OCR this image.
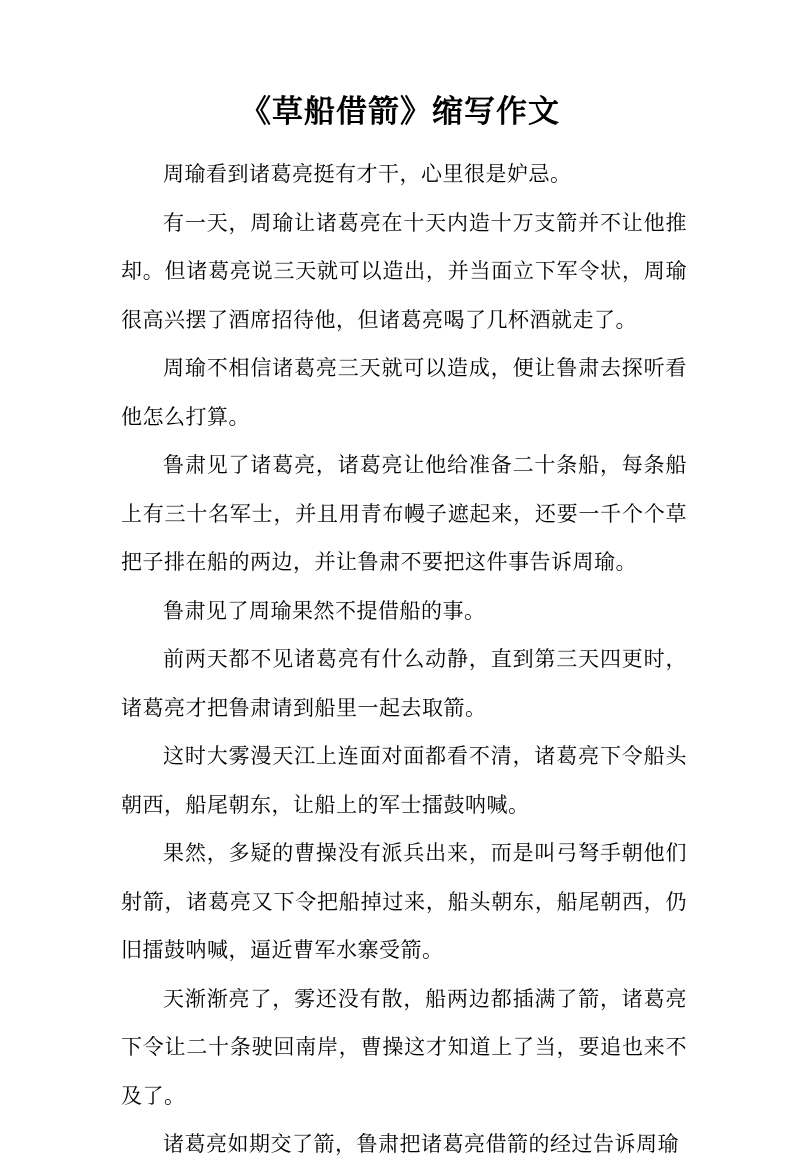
《草船借箭》缩写作文

周瑜看到诸葛亮挺有才干，心里很是妒忌。

有一天，周瑜让诸葛亮在十天内造十万支箭并不让他推却。但诸葛亮说三天就可以造出，并当面立下军令状，周瑜很高兴摆了酒席招待他，但诸葛亮喝了几杯酒就走了。

周瑜不相信诸葛亮三天就可以造成，便让鲁肃去探听看他怎么打算。

鲁肃见了诸葛亮，诸葛亮让他给准备二十条船，每条船上有三十名军士，并且用青布幔子遮起来，还要一千个个草把子排在船的两边，并让鲁肃不要把这件事告诉周瑜。

鲁肃见了周瑜果然不提借船的事。

前两天都不见诸葛亮有什么动静，直到第三天四更时，诸葛亮才把鲁肃请到船里一起去取箭。

这时大雾漫天江上连面对面都看不清，诸葛亮下令船头朝西，船尾朝东，让船上的军士擂鼓呐喊。

果然，多疑的曹操没有派兵出来，而是叫弓弩手朝他们射箭，诸葛亮又下令把船掉过来，船头朝东，船尾朝西，仍旧擂鼓呐喊，逼近曹军水寨受箭。

天渐渐亮了，雾还没有散，船两边都插满了箭，诸葛亮下令让二十条驶回南岸，曹操这才知道上了当，要追也来不及了。

诸葛亮如期交了箭，鲁肃把诸葛亮借箭的经过告诉周瑜
